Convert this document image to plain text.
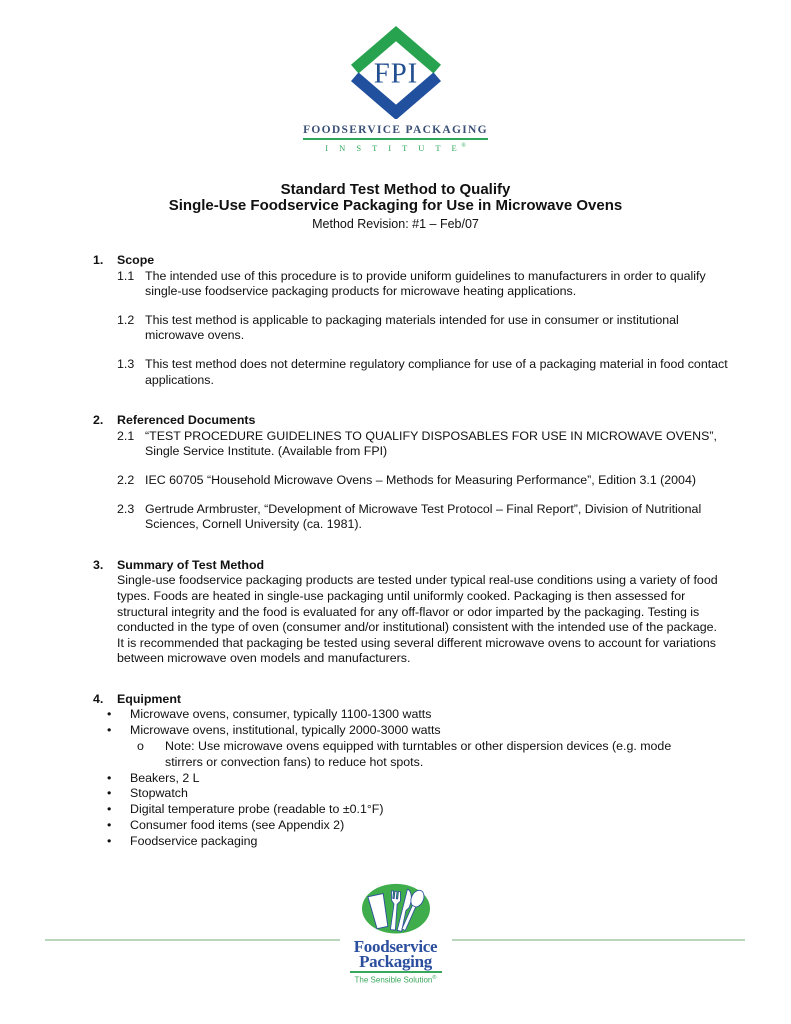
FPI
FOODSERVICE PACKAGING
I N S T I T U T E®
Standard Test Method to Qualify
Single-Use Foodservice Packaging for Use in Microwave Ovens
Method Revision: #1 – Feb/07
1.	Scope
1.1 The intended use of this procedure is to provide uniform guidelines to manufacturers in order to qualify single-use foodservice packaging products for microwave heating applications.
1.2 This test method is applicable to packaging materials intended for use in consumer or institutional microwave ovens.
1.3 This test method does not determine regulatory compliance for use of a packaging material in food contact applications.
2.	Referenced Documents
2.1 “TEST PROCEDURE GUIDELINES TO QUALIFY DISPOSABLES FOR USE IN MICROWAVE OVENS”, Single Service Institute. (Available from FPI)
2.2 IEC 60705 “Household Microwave Ovens – Methods for Measuring Performance”, Edition 3.1 (2004)
2.3 Gertrude Armbruster, “Development of Microwave Test Protocol – Final Report”, Division of Nutritional Sciences, Cornell University (ca. 1981).
3.	Summary of Test Method
Single-use foodservice packaging products are tested under typical real-use conditions using a variety of food types. Foods are heated in single-use packaging until uniformly cooked. Packaging is then assessed for structural integrity and the food is evaluated for any off-flavor or odor imparted by the packaging. Testing is conducted in the type of oven (consumer and/or institutional) consistent with the intended use of the package. It is recommended that packaging be tested using several different microwave ovens to account for variations between microwave oven models and manufacturers.
4.	Equipment
•	Microwave ovens, consumer, typically 1100-1300 watts
•	Microwave ovens, institutional, typically 2000-3000 watts
o	Note: Use microwave ovens equipped with turntables or other dispersion devices (e.g. mode stirrers or convection fans) to reduce hot spots.
•	Beakers, 2 L
•	Stopwatch
•	Digital temperature probe (readable to ±0.1°F)
•	Consumer food items (see Appendix 2)
•	Foodservice packaging
Foodservice
Packaging
The Sensible Solution®
